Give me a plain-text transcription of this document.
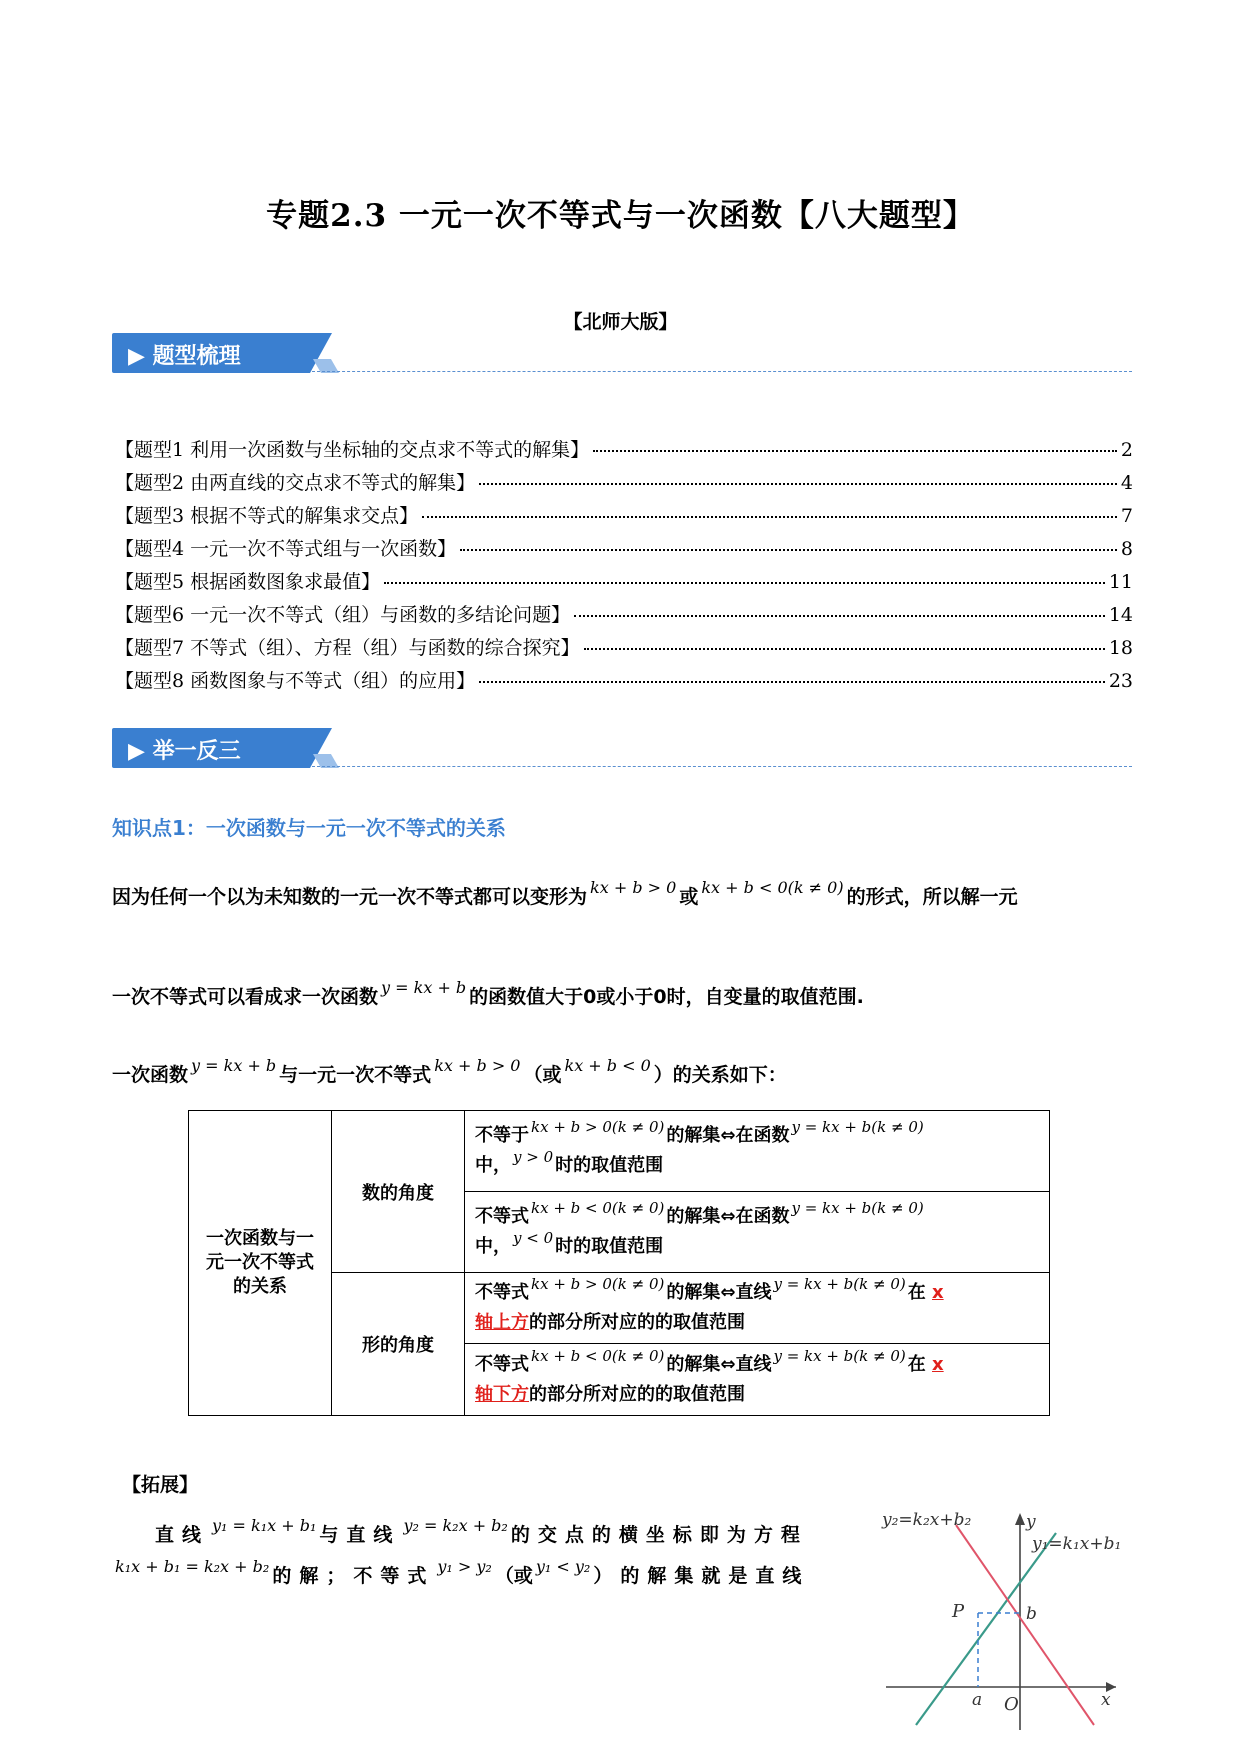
专题2.3 一元一次不等式与一次函数【八大题型】
【北师大版】
▶ 题型梳理
【题型1 利用一次函数与坐标轴的交点求不等式的解集】	2
【题型2 由两直线的交点求不等式的解集】	4
【题型3 根据不等式的解集求交点】	7
【题型4 一元一次不等式组与一次函数】	8
【题型5 根据函数图象求最值】	11
【题型6 一元一次不等式（组）与函数的多结论问题】	14
【题型7 不等式（组）、方程（组）与函数的综合探究】	18
【题型8 函数图象与不等式（组）的应用】	23
▶ 举一反三
知识点1：一次函数与一元一次不等式的关系
因为任何一个以为未知数的一元一次不等式都可以变形为 $^{kx + b > 0}$ 或 $^{kx + b < 0(k \ne 0)}$ 的形式，所以解一元
一次不等式可以看成求一次函数 $^{y = kx + b}$ 的函数值大于0或小于0时，自变量的取值范围.
一次函数 $^{y = kx + b}$ 与一元一次不等式 $^{kx + b > 0}$ （或 $^{kx + b < 0}$ ）的关系如下：
一次函数与一元一次不等式的关系	数的角度	不等于 $^{kx + b > 0(k \ne 0)}$ 的解集⇔在函数 $^{y = kx + b(k \ne 0)}$
中， $^{y > 0}$ 时的取值范围
		不等式 $^{kx + b < 0(k \ne 0)}$ 的解集⇔在函数 $^{y = kx + b(k \ne 0)}$
中， $^{y < 0}$ 时的取值范围
	形的角度	不等式 $^{kx + b > 0(k \ne 0)}$ 的解集⇔直线 $^{y = kx + b(k \ne 0)}$ 在 x
轴上方的部分所对应的的取值范围
		不等式 $^{kx + b < 0(k \ne 0)}$ 的解集⇔直线 $^{y = kx + b(k \ne 0)}$ 在 x
轴下方的部分所对应的的取值范围
【拓展】
直线 $^{y_1 = k_1x + b_1}$ 与直线 $^{y_2 = k_2x + b_2}$ 的交点的横坐标即为方程
$^{k_1x + b_1 = k_2x + b_2}$ 的解；不等式 $^{y_1 > y_2}$ （或 $^{y_1 < y_2}$ ）的解集就是直线
y₂=k₂x+b₂
y₁=k₁x+b₁
y
x
P	b
a O
